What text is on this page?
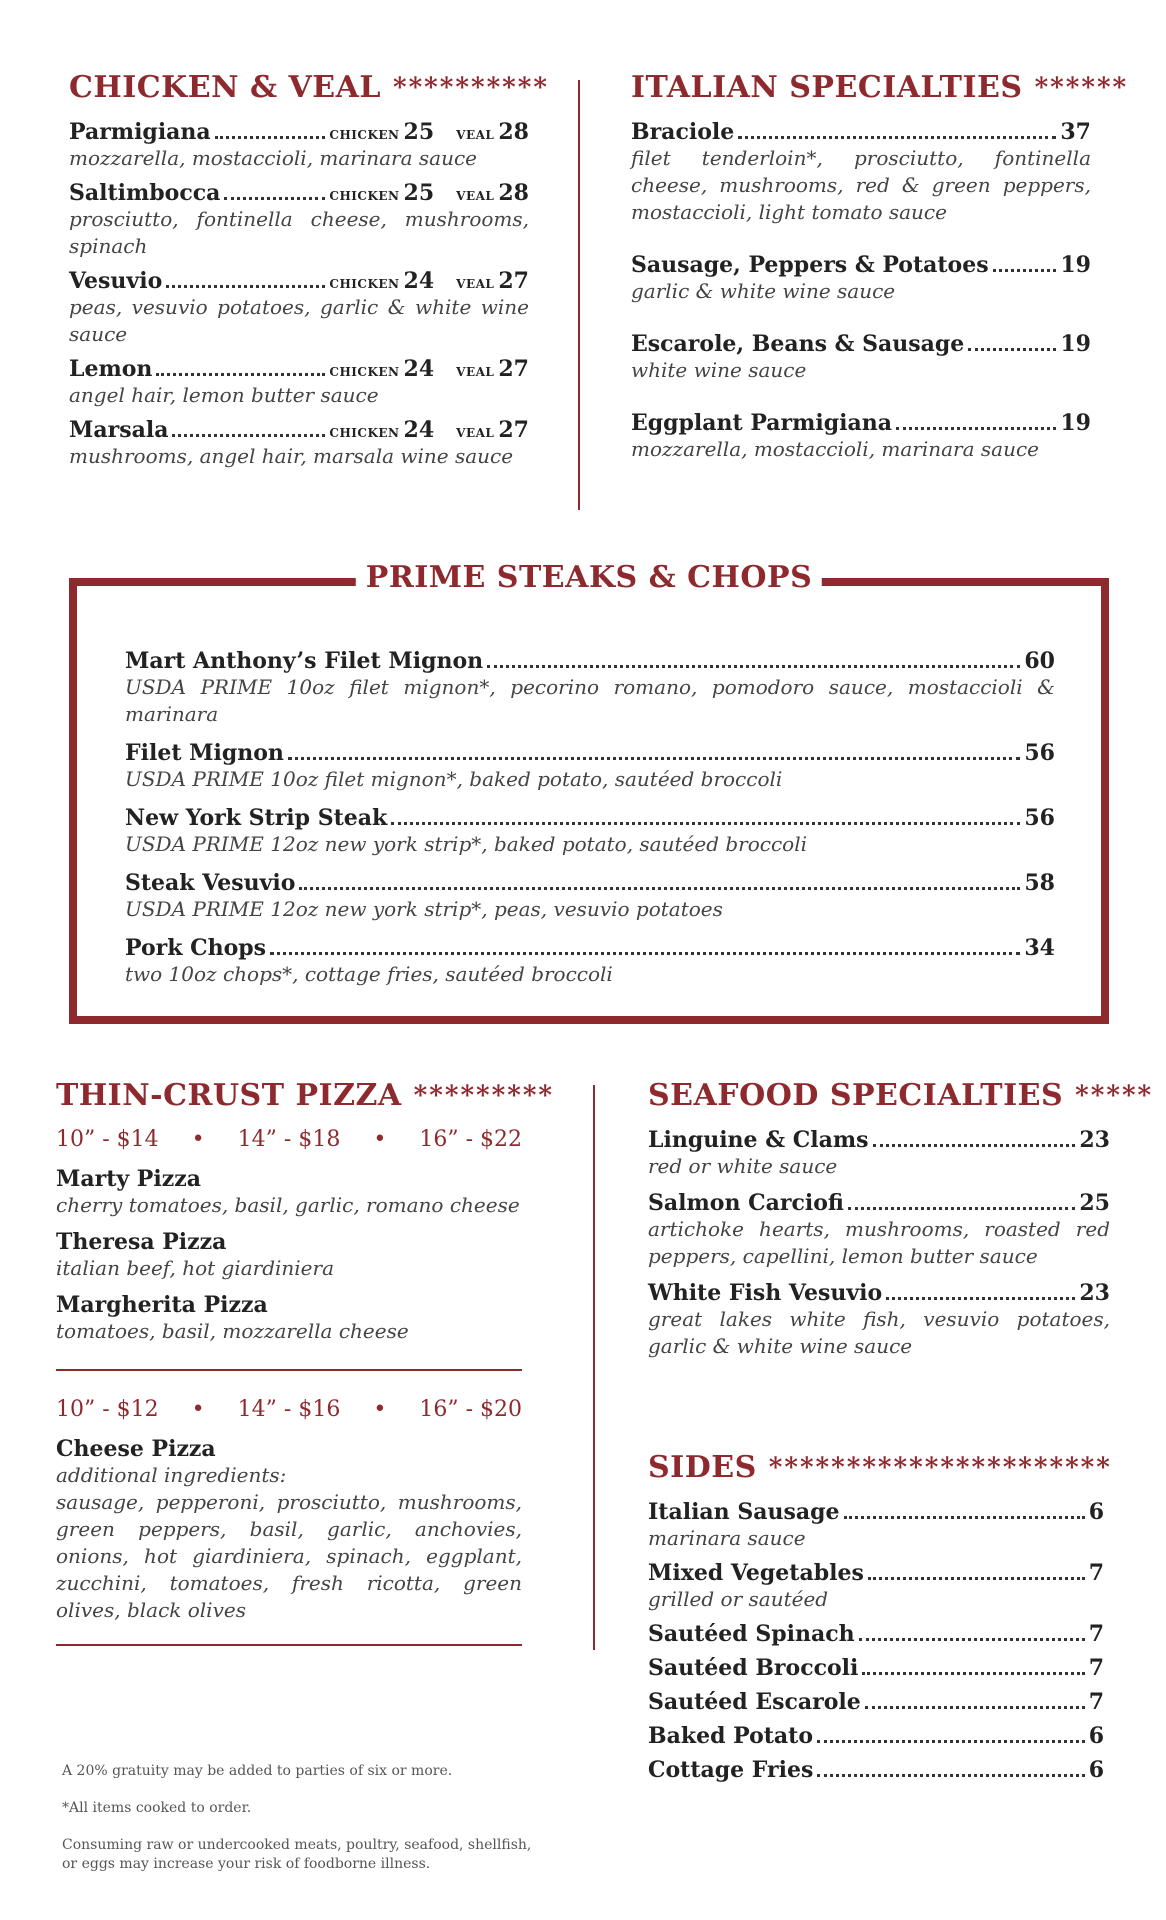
CHICKEN & VEAL **********
Parmigiana	CHICKEN 25 VEAL 28
mozzarella, mostaccioli, marinara sauce
Saltimbocca	CHICKEN 25 VEAL 28
prosciutto, fontinella cheese, mushrooms, spinach
Vesuvio	CHICKEN 24 VEAL 27
peas, vesuvio potatoes, garlic & white wine sauce
Lemon	CHICKEN 24 VEAL 27
angel hair, lemon butter sauce
Marsala	CHICKEN 24 VEAL 27
mushrooms, angel hair, marsala wine sauce
ITALIAN SPECIALTIES ******
Braciole	37
filet tenderloin*, prosciutto, fontinella cheese, mushrooms, red & green peppers, mostaccioli, light tomato sauce
Sausage, Peppers & Potatoes	19
garlic & white wine sauce
Escarole, Beans & Sausage	19
white wine sauce
Eggplant Parmigiana	19
mozzarella, mostaccioli, marinara sauce
PRIME STEAKS & CHOPS
Mart Anthony’s Filet Mignon	60
USDA PRIME 10oz filet mignon*, pecorino romano, pomodoro sauce, mostaccioli & marinara
Filet Mignon	56
USDA PRIME 10oz filet mignon*, baked potato, sautéed broccoli
New York Strip Steak	56
USDA PRIME 12oz new york strip*, baked potato, sautéed broccoli
Steak Vesuvio	58
USDA PRIME 12oz new york strip*, peas, vesuvio potatoes
Pork Chops	34
two 10oz chops*, cottage fries, sautéed broccoli
THIN-CRUST PIZZA *********
10” - $14 • 14” - $18 • 16” - $22
Marty Pizza
cherry tomatoes, basil, garlic, romano cheese
Theresa Pizza
italian beef, hot giardiniera
Margherita Pizza
tomatoes, basil, mozzarella cheese
10” - $12 • 14” - $16 • 16” - $20
Cheese Pizza
additional ingredients:
sausage, pepperoni, prosciutto, mushrooms, green peppers, basil, garlic, anchovies, onions, hot giardiniera, spinach, eggplant, zucchini, tomatoes, fresh ricotta, green olives, black olives
SEAFOOD SPECIALTIES *****
Linguine & Clams	23
red or white sauce
Salmon Carciofi	25
artichoke hearts, mushrooms, roasted red peppers, capellini, lemon butter sauce
White Fish Vesuvio	23
great lakes white fish, vesuvio potatoes, garlic & white wine sauce
SIDES **********************
Italian Sausage	6
marinara sauce
Mixed Vegetables	7
grilled or sautéed
Sautéed Spinach	7
Sautéed Broccoli	7
Sautéed Escarole	7
Baked Potato	6
Cottage Fries	6
A 20% gratuity may be added to parties of six or more.
*All items cooked to order.
Consuming raw or undercooked meats, poultry, seafood, shellfish, or eggs may increase your risk of foodborne illness.
